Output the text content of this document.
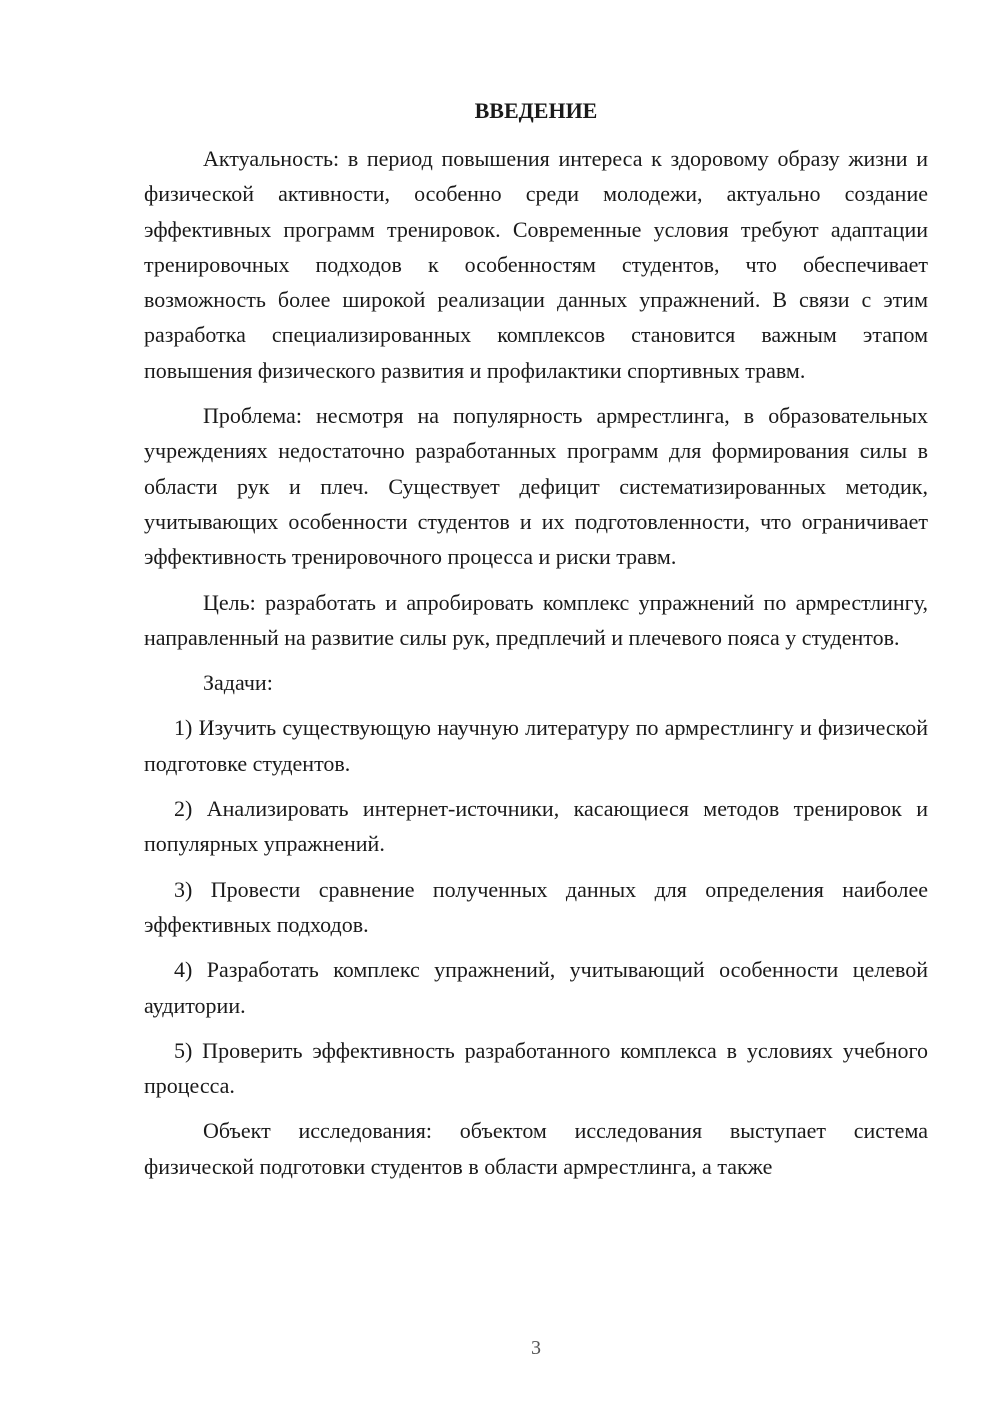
ВВЕДЕНИЕ

Актуальность: в период повышения интереса к здоровому образу жизни и физической активности, особенно среди молодежи, актуально создание эффективных программ тренировок. Современные условия требуют адаптации тренировочных подходов к особенностям студентов, что обеспечивает возможность более широкой реализации данных упражнений. В связи с этим разработка специализированных комплексов становится важным этапом повышения физического развития и профилактики спортивных травм.

Проблема: несмотря на популярность армрестлинга, в образовательных учреждениях недостаточно разработанных программ для формирования силы в области рук и плеч. Существует дефицит систематизированных методик, учитывающих особенности студентов и их подготовленности, что ограничивает эффективность тренировочного процесса и риски травм.

Цель: разработать и апробировать комплекс упражнений по армрестлингу, направленный на развитие силы рук, предплечий и плечевого пояса у студентов.

Задачи:

1) Изучить существующую научную литературу по армрестлингу и физической подготовке студентов.

2) Анализировать интернет-источники, касающиеся методов тренировок и популярных упражнений.

3) Провести сравнение полученных данных для определения наиболее эффективных подходов.

4) Разработать комплекс упражнений, учитывающий особенности целевой аудитории.

5) Проверить эффективность разработанного комплекса в условиях учебного процесса.

Объект исследования: объектом исследования выступает система физической подготовки студентов в области армрестлинга, а также

3
